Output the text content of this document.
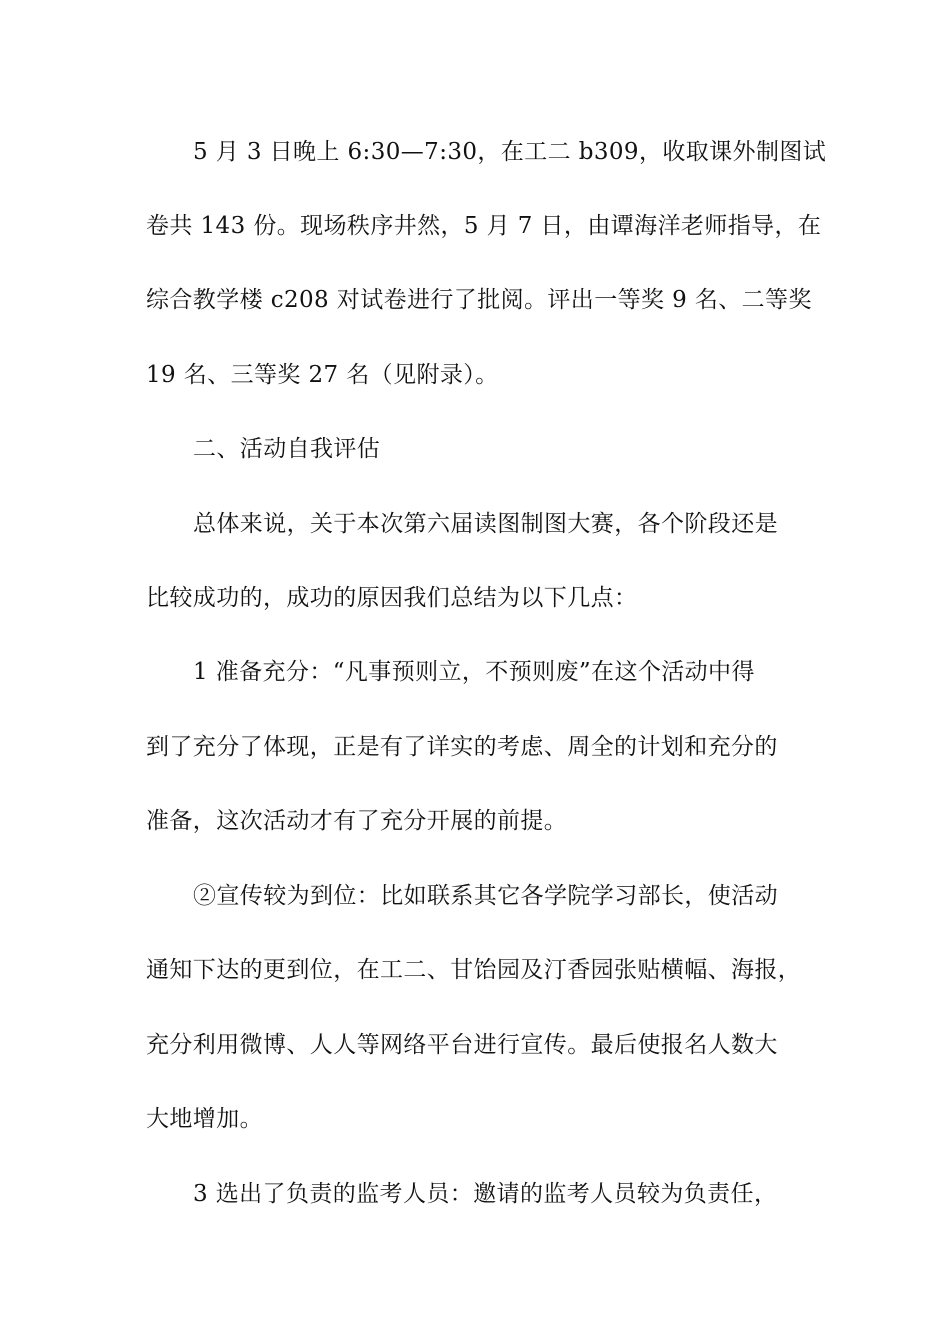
5 月 3 日晚上 6:30—7:30，在工二 b309，收取课外制图试
卷共 143 份。现场秩序井然，5 月 7 日，由谭海洋老师指导，在
综合教学楼 c208 对试卷进行了批阅。评出一等奖 9 名、二等奖
19 名、三等奖 27 名（见附录）。
二、活动自我评估
总体来说，关于本次第六届读图制图大赛，各个阶段还是
比较成功的，成功的原因我们总结为以下几点：
1 准备充分：“凡事预则立，不预则废”在这个活动中得
到了充分了体现，正是有了详实的考虑、周全的计划和充分的
准备，这次活动才有了充分开展的前提。
②宣传较为到位：比如联系其它各学院学习部长，使活动
通知下达的更到位，在工二、甘饴园及汀香园张贴横幅、海报，
充分利用微博、人人等网络平台进行宣传。最后使报名人数大
大地增加。
3 选出了负责的监考人员：邀请的监考人员较为负责任，
